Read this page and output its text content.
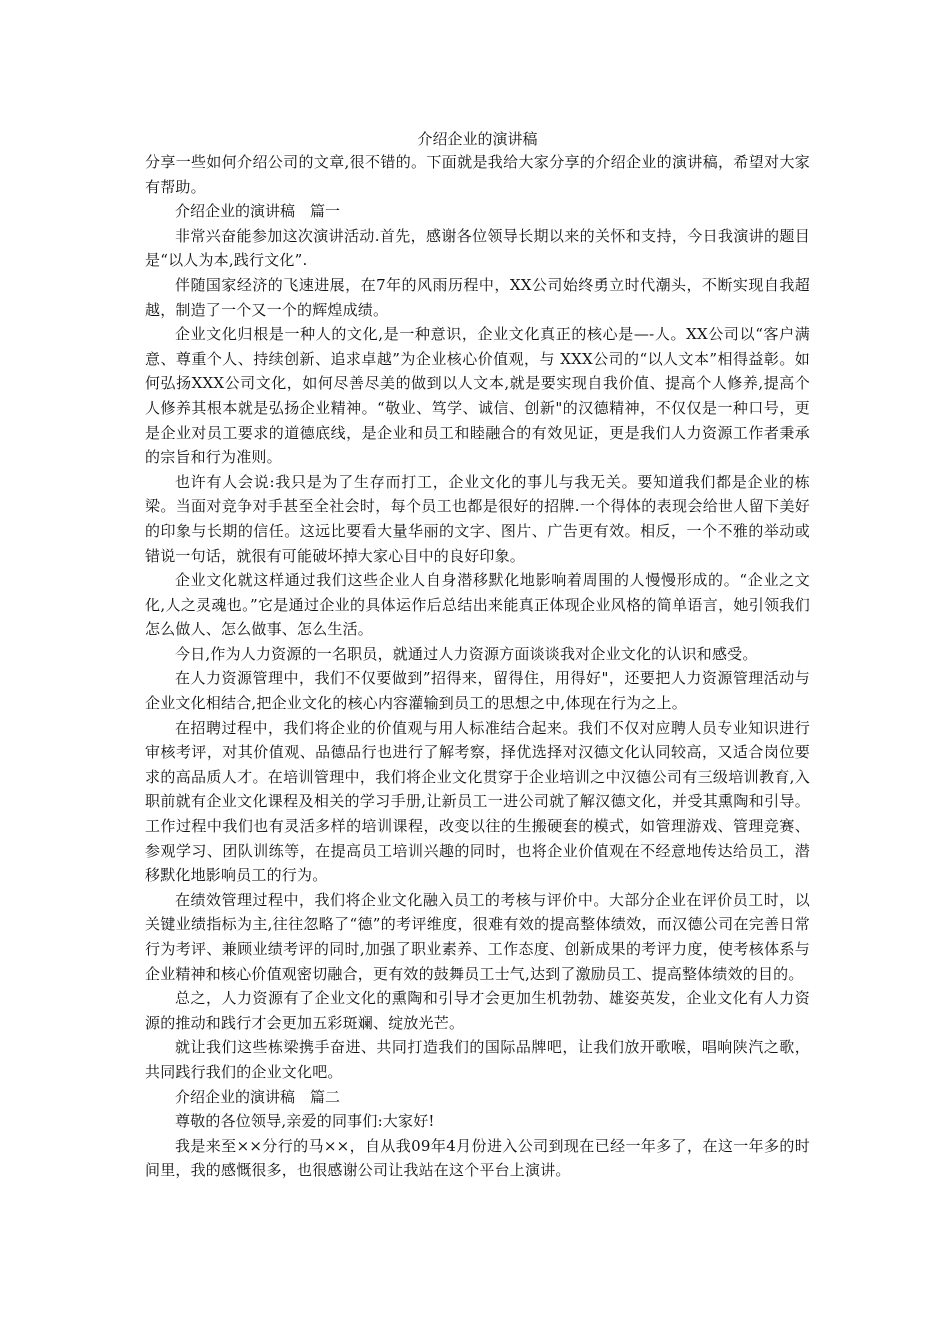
介绍企业的演讲稿

分享一些如何介绍公司的文章,很不错的。下面就是我给大家分享的介绍企业的演讲稿，希望对大家有帮助。

介绍企业的演讲稿　篇一

非常兴奋能参加这次演讲活动.首先，感谢各位领导长期以来的关怀和支持，今日我演讲的题目是“以人为本,践行文化”.

伴随国家经济的飞速进展，在7年的风雨历程中，XX公司始终勇立时代潮头，不断实现自我超越，制造了一个又一个的辉煌成绩。

企业文化归根是一种人的文化,是一种意识，企业文化真正的核心是—-人。XX公司以“客户满意、尊重个人、持续创新、追求卓越”为企业核心价值观，与 XXX公司的“以人文本”相得益彰。如何弘扬XXX公司文化，如何尽善尽美的做到以人文本,就是要实现自我价值、提高个人修养,提高个人修养其根本就是弘扬企业精神。“敬业、笃学、诚信、创新"的汉德精神，不仅仅是一种口号，更是企业对员工要求的道德底线，是企业和员工和睦融合的有效见证，更是我们人力资源工作者秉承的宗旨和行为准则。

也许有人会说:我只是为了生存而打工，企业文化的事儿与我无关。要知道我们都是企业的栋梁。当面对竞争对手甚至全社会时，每个员工也都是很好的招牌.一个得体的表现会给世人留下美好的印象与长期的信任。这远比要看大量华丽的文字、图片、广告更有效。相反，一个不雅的举动或错说一句话，就很有可能破坏掉大家心目中的良好印象。

企业文化就这样通过我们这些企业人自身潜移默化地影响着周围的人慢慢形成的。“企业之文化,人之灵魂也。”它是通过企业的具体运作后总结出来能真正体现企业风格的简单语言，她引领我们怎么做人、怎么做事、怎么生活。

今日,作为人力资源的一名职员，就通过人力资源方面谈谈我对企业文化的认识和感受。

在人力资源管理中，我们不仅要做到”招得来，留得住，用得好"，还要把人力资源管理活动与企业文化相结合,把企业文化的核心内容灌输到员工的思想之中,体现在行为之上。

在招聘过程中，我们将企业的价值观与用人标准结合起来。我们不仅对应聘人员专业知识进行审核考评，对其价值观、品德品行也进行了解考察，择优选择对汉德文化认同较高，又适合岗位要求的高品质人才。在培训管理中，我们将企业文化贯穿于企业培训之中汉德公司有三级培训教育,入职前就有企业文化课程及相关的学习手册,让新员工一进公司就了解汉德文化，并受其熏陶和引导。工作过程中我们也有灵活多样的培训课程，改变以往的生搬硬套的模式，如管理游戏、管理竞赛、参观学习、团队训练等，在提高员工培训兴趣的同时，也将企业价值观在不经意地传达给员工，潜移默化地影响员工的行为。

在绩效管理过程中，我们将企业文化融入员工的考核与评价中。大部分企业在评价员工时，以关键业绩指标为主,往往忽略了“德”的考评维度，很难有效的提高整体绩效，而汉德公司在完善日常行为考评、兼顾业绩考评的同时,加强了职业素养、工作态度、创新成果的考评力度，使考核体系与企业精神和核心价值观密切融合，更有效的鼓舞员工士气,达到了激励员工、提高整体绩效的目的。

总之，人力资源有了企业文化的熏陶和引导才会更加生机勃勃、雄姿英发，企业文化有人力资源的推动和践行才会更加五彩斑斓、绽放光芒。

就让我们这些栋梁携手奋进、共同打造我们的国际品牌吧，让我们放开歌喉，唱响陕汽之歌，共同践行我们的企业文化吧。

介绍企业的演讲稿　篇二

尊敬的各位领导,亲爱的同事们:大家好!

我是来至××分行的马××，自从我09年4月份进入公司到现在已经一年多了，在这一年多的时间里，我的感慨很多，也很感谢公司让我站在这个平台上演讲。
